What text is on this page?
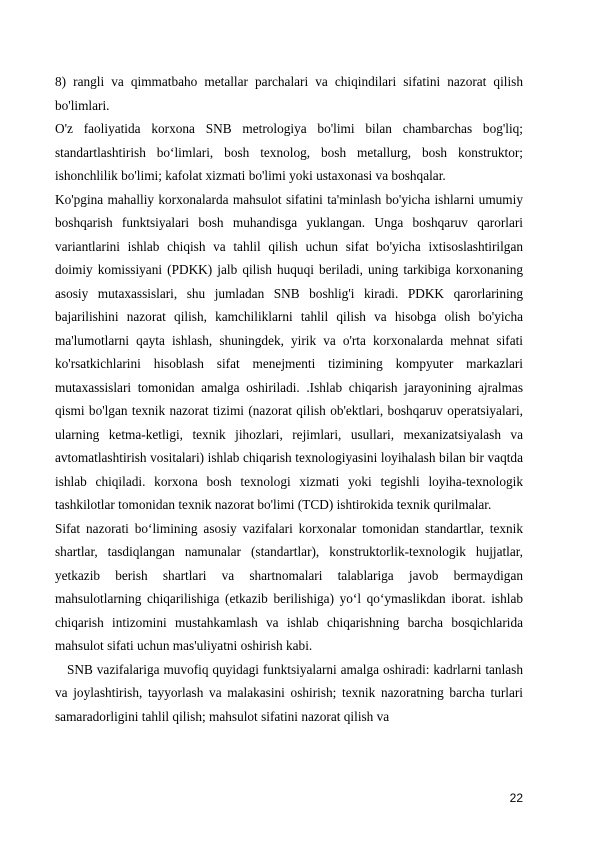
8) rangli va qimmatbaho metallar parchalari va chiqindilari sifatini nazorat qilish bo'limlari.

O'z faoliyatida korxona SNB metrologiya bo'limi bilan chambarchas bog'liq; standartlashtirish bo‘limlari, bosh texnolog, bosh metallurg, bosh konstruktor; ishonchlilik bo'limi; kafolat xizmati bo'limi yoki ustaxonasi va boshqalar.

Ko'pgina mahalliy korxonalarda mahsulot sifatini ta'minlash bo'yicha ishlarni umumiy boshqarish funktsiyalari bosh muhandisga yuklangan. Unga boshqaruv qarorlari variantlarini ishlab chiqish va tahlil qilish uchun sifat bo'yicha ixtisoslashtirilgan doimiy komissiyani (PDKK) jalb qilish huquqi beriladi, uning tarkibiga korxonaning asosiy mutaxassislari, shu jumladan SNB boshlig'i kiradi. PDKK qarorlarining bajarilishini nazorat qilish, kamchiliklarni tahlil qilish va hisobga olish bo'yicha ma'lumotlarni qayta ishlash, shuningdek, yirik va o'rta korxonalarda mehnat sifati ko'rsatkichlarini hisoblash sifat menejmenti tizimining kompyuter markazlari mutaxassislari tomonidan amalga oshiriladi. .Ishlab chiqarish jarayonining ajralmas qismi bo'lgan texnik nazorat tizimi (nazorat qilish ob'ektlari, boshqaruv operatsiyalari, ularning ketma-ketligi, texnik jihozlari, rejimlari, usullari, mexanizatsiyalash va avtomatlashtirish vositalari) ishlab chiqarish texnologiyasini loyihalash bilan bir vaqtda ishlab chiqiladi. korxona bosh texnologi xizmati yoki tegishli loyiha-texnologik tashkilotlar tomonidan texnik nazorat bo'limi (TCD) ishtirokida texnik qurilmalar.

Sifat nazorati bo‘limining asosiy vazifalari korxonalar tomonidan standartlar, texnik shartlar, tasdiqlangan namunalar (standartlar), konstruktorlik-texnologik hujjatlar, yetkazib berish shartlari va shartnomalari talablariga javob bermaydigan mahsulotlarning chiqarilishiga (etkazib berilishiga) yo‘l qo‘ymaslikdan iborat. ishlab chiqarish intizomini mustahkamlash va ishlab chiqarishning barcha bosqichlarida mahsulot sifati uchun mas'uliyatni oshirish kabi.

SNB vazifalariga muvofiq quyidagi funktsiyalarni amalga oshiradi: kadrlarni tanlash va joylashtirish, tayyorlash va malakasini oshirish; texnik nazoratning barcha turlari samaradorligini tahlil qilish; mahsulot sifatini nazorat qilish va

22
